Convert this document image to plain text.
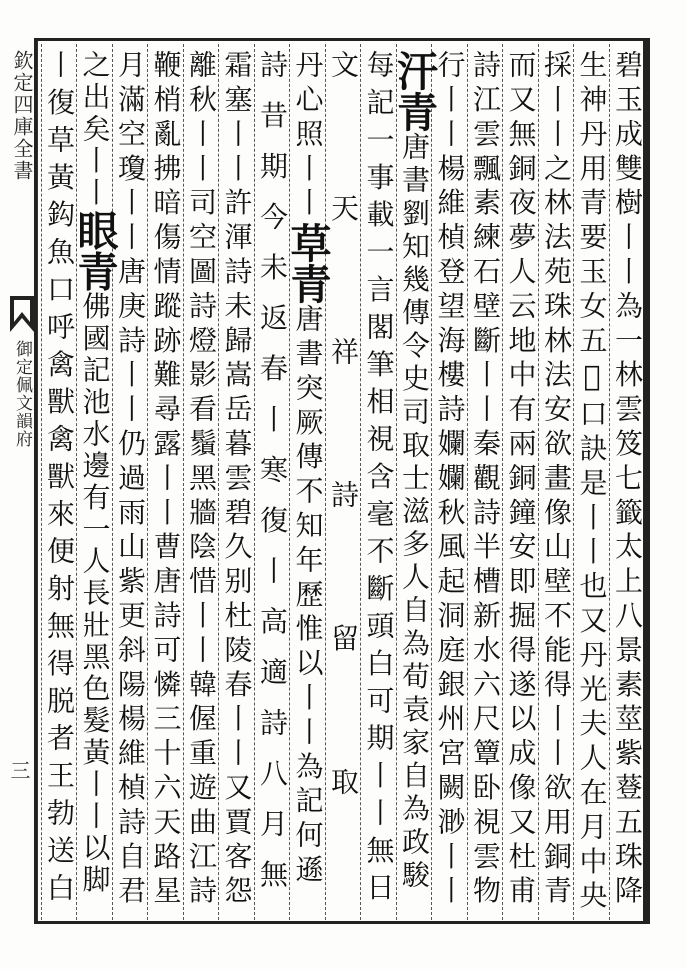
欽定四庫全書
御定佩文韻府
三	碧玉成雙樹丨丨為一林雲笈七籤太上八景素莖紫䔲五珠降
生神丹用青要玉女五𠡠口訣是丨丨也又丹光夫人在月中央
採丨丨之林法苑珠林法安欲畫像山壁不能得丨丨欲用銅青
而又無銅夜夢人云地中有兩銅鐘安即掘得遂以成像又杜甫
詩江雲飄素練石壁斷丨丨秦觀詩半槽新水六尺簟卧視雲物
行丨丨楊維楨登望海樓詩孄孄秋風起洞庭銀州宮闕渺丨丨
汗青唐書劉知幾傳令史司取士滋多人自為荀袁家自為政駿
每記一事載一言閣筆相視含毫不斷頭白可期丨丨無日
文天祥詩留取
丹心照丨丨草青唐書突厥傳不知年歷惟以丨丨為記何遜
詩昔期今未返春丨寒復丨高適詩八月無
霜塞丨丨許渾詩未歸嵩岳暮雲碧久别杜陵春丨丨又賈客怨
離秋丨丨司空圖詩燈影看鬚黑牆陰惜丨丨韓偓重遊曲江詩
鞭梢亂拂暗傷情蹤跡難尋露丨丨曹唐詩可憐三十六天路星
月滿空瓊丨丨唐庚詩丨丨仍過雨山紫更斜陽楊維楨詩自君
之出矣丨丨眼青佛國記池水邊有一人長壯黑色髮黃丨丨以脚
丨復草黃鈎魚口呼禽獸禽獸來便射無得脱者王勃送白
